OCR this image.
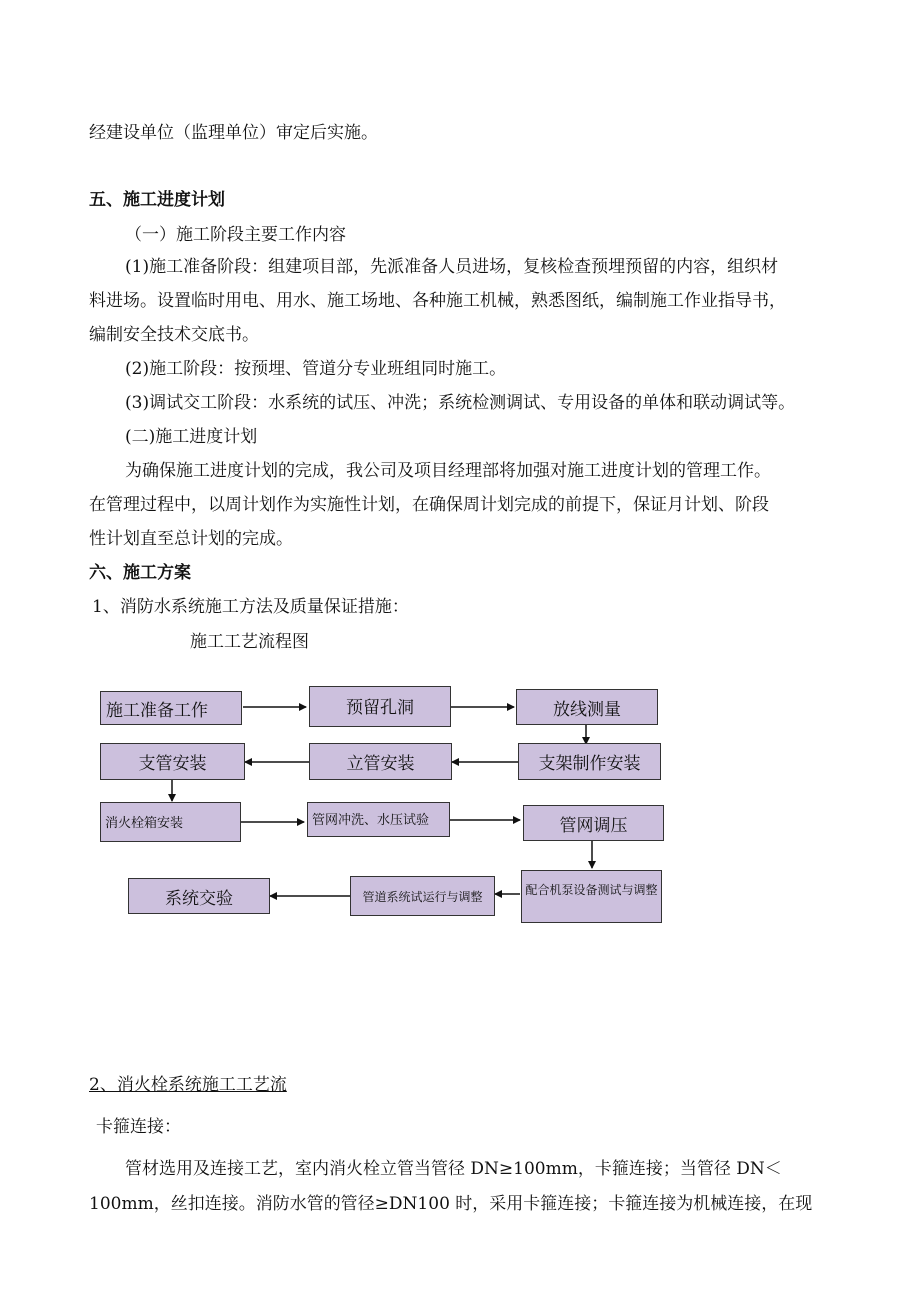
经建设单位（监理单位）审定后实施。
五、施工进度计划
（一）施工阶段主要工作内容
(1)施工准备阶段：组建项目部，先派准备人员进场，复核检查预埋预留的内容，组织材
料进场。设置临时用电、用水、施工场地、各种施工机械，熟悉图纸，编制施工作业指导书，
编制安全技术交底书。
(2)施工阶段：按预埋、管道分专业班组同时施工。
(3)调试交工阶段：水系统的试压、冲洗；系统检测调试、专用设备的单体和联动调试等。
(二)施工进度计划
为确保施工进度计划的完成，我公司及项目经理部将加强对施工进度计划的管理工作。
在管理过程中，以周计划作为实施性计划，在确保周计划完成的前提下，保证月计划、阶段
性计划直至总计划的完成。
六、施工方案
1、消防水系统施工方法及质量保证措施：
施工工艺流程图
施工准备工作	预留孔洞	放线测量
支管安装	立管安装	支架制作安装
消火栓箱安装	管网冲洗、水压试验	管网调压
系统交验	管道系统试运行与调整	配合机泵设备测试与调整
2、消火栓系统施工工艺流
卡箍连接：
管材选用及连接工艺，室内消火栓立管当管径 DN≥100mm，卡箍连接；当管径 DN＜
100mm，丝扣连接。消防水管的管径≥DN100 时，采用卡箍连接；卡箍连接为机械连接，在现
